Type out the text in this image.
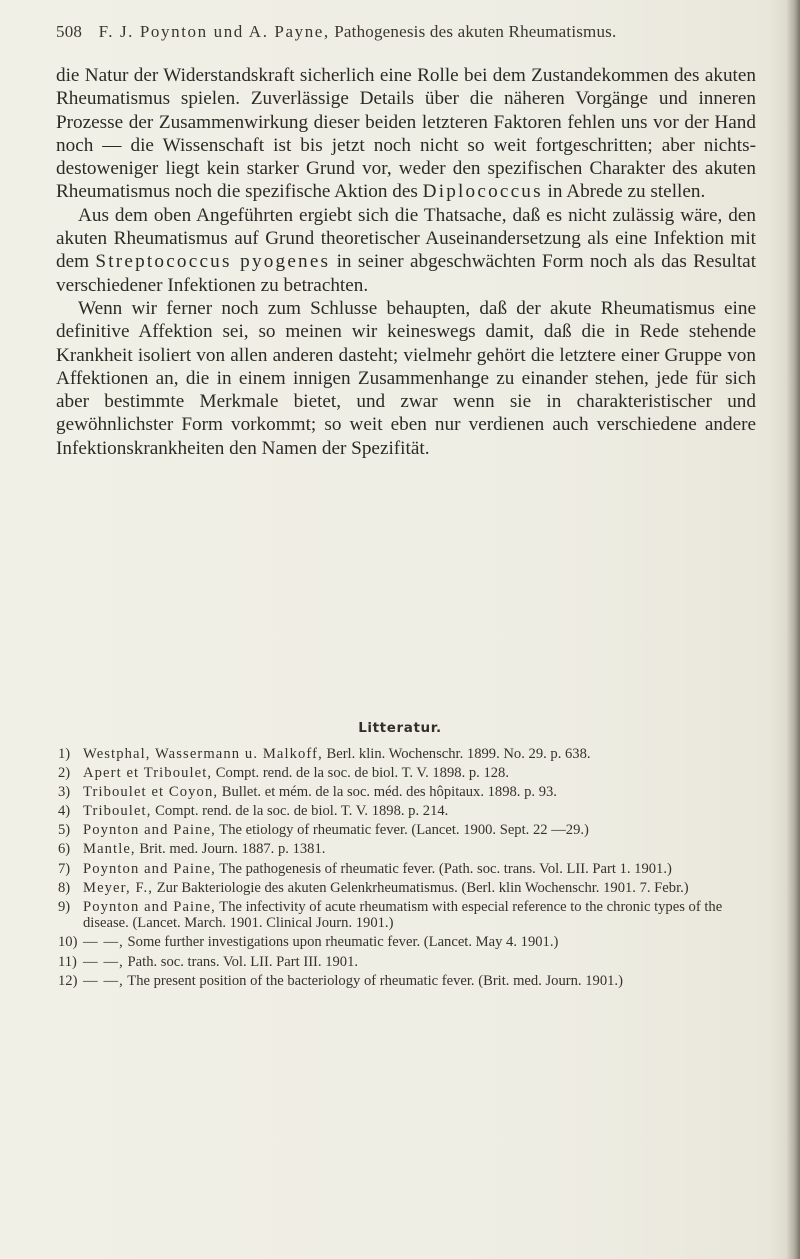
508 F. J. Poynton und A. Payne, Pathogenesis des akuten Rheumatismus.

die Natur der Widerstandskraft sicherlich eine Rolle bei dem Zustandekommen des akuten Rheumatismus spielen. Zuverlässige Details über die näheren Vorgänge und inneren Prozesse der Zusammenwirkung dieser beiden letzteren Faktoren fehlen uns vor der Hand noch — die Wissenschaft ist bis jetzt noch nicht so weit fortgeschritten; aber nichtsdestoweniger liegt kein starker Grund vor, weder den spezifischen Charakter des akuten Rheumatismus noch die spezifische Aktion des Diplococcus in Abrede zu stellen.

Aus dem oben Angeführten ergiebt sich die Thatsache, daß es nicht zulässig wäre, den akuten Rheumatismus auf Grund theoretischer Auseinandersetzung als eine Infektion mit dem Streptococcus pyogenes in seiner abgeschwächten Form noch als das Resultat verschiedener Infektionen zu betrachten.

Wenn wir ferner noch zum Schlusse behaupten, daß der akute Rheumatismus eine definitive Affektion sei, so meinen wir keineswegs damit, daß die in Rede stehende Krankheit isoliert von allen anderen dasteht; vielmehr gehört die letztere einer Gruppe von Affektionen an, die in einem innigen Zusammenhange zu einander stehen, jede für sich aber bestimmte Merkmale bietet, und zwar wenn sie in charakteristischer und gewöhnlichster Form vorkommt; so weit eben nur verdienen auch verschiedene andere Infektionskrankheiten den Namen der Spezifität.

Litteratur.
1) Westphal, Wassermann u. Malkoff, Berl. klin. Wochenschr. 1899. No. 29. p. 638.
2) Apert et Triboulet, Compt. rend. de la soc. de biol. T. V. 1898. p. 128.
3) Triboulet et Coyon, Bullet. et mém. de la soc. méd. des hôpitaux. 1898. p. 93.
4) Triboulet, Compt. rend. de la soc. de biol. T. V. 1898. p. 214.
5) Poynton and Paine, The etiology of rheumatic fever. (Lancet. 1900. Sept. 22 —29.)
6) Mantle, Brit. med. Journ. 1887. p. 1381.
7) Poynton and Paine, The pathogenesis of rheumatic fever. (Path. soc. trans. Vol. LII. Part 1. 1901.)
8) Meyer, F., Zur Bakteriologie des akuten Gelenkrheumatismus. (Berl. klin Wochenschr. 1901. 7. Febr.)
9) Poynton and Paine, The infectivity of acute rheumatism with especial reference to the chronic types of the disease. (Lancet. March. 1901. Clinical Journ. 1901.)
10) — —, Some further investigations upon rheumatic fever. (Lancet. May 4. 1901.)
11) — —, Path. soc. trans. Vol. LII. Part III. 1901.
12) — —, The present position of the bacteriology of rheumatic fever. (Brit. med. Journ. 1901.)
